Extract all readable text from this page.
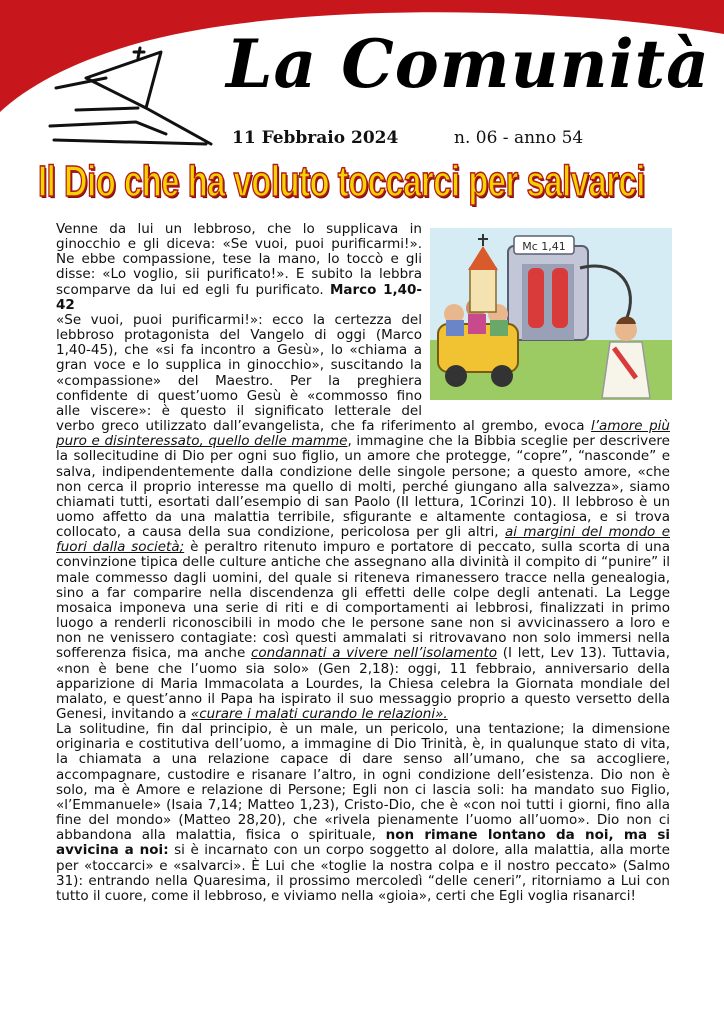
La Comunità
11 Febbraio 2024	n. 06 - anno 54
Il Dio che ha voluto toccarci per salvarci
Mc 1,41

Venne da lui un lebbroso, che lo supplicava in ginocchio e gli diceva: «Se vuoi, puoi purificarmi!». Ne ebbe compassione, tese la mano, lo toccò e gli disse: «Lo voglio, sii purificato!». E subito la lebbra scomparve da lui ed egli fu purificato. Marco 1,40-42

«Se vuoi, puoi purificarmi!»: ecco la certezza del lebbroso protagonista del Vangelo di oggi (Marco 1,40-45), che «si fa incontro a Gesù», lo «chiama a gran voce e lo supplica in ginocchio», suscitando la «compassione» del Maestro. Per la preghiera confidente di quest’uomo Gesù è «commosso fino alle viscere»: è questo il significato letterale del verbo greco utilizzato dall’evangelista, che fa riferimento al grembo, evoca l’amore più puro e disinteressato, quello delle mamme, immagine che la Bibbia sceglie per descrivere la sollecitudine di Dio per ogni suo figlio, un amore che protegge, “copre”, “nasconde” e salva, indipendentemente dalla condizione delle singole persone; a questo amore, «che non cerca il proprio interesse ma quello di molti, perché giungano alla salvezza», siamo chiamati tutti, esortati dall’esempio di san Paolo (II lettura, 1Corinzi 10). Il lebbroso è un uomo affetto da una malattia terribile, sfigurante e altamente contagiosa, e si trova collocato, a causa della sua condizione, pericolosa per gli altri, ai margini del mondo e fuori dalla società; è peraltro ritenuto impuro e portatore di peccato, sulla scorta di una convinzione tipica delle culture antiche che assegnano alla divinità il compito di “punire” il male commesso dagli uomini, del quale si riteneva rimanessero tracce nella genealogia, sino a far comparire nella discendenza gli effetti delle colpe degli antenati. La Legge mosaica imponeva una serie di riti e di comportamenti ai lebbrosi, finalizzati in primo luogo a renderli riconoscibili in modo che le persone sane non si avvicinassero a loro e non ne venissero contagiate: così questi ammalati si ritrovavano non solo immersi nella sofferenza fisica, ma anche condannati a vivere nell’isolamento (I lett, Lev 13). Tuttavia, «non è bene che l’uomo sia solo» (Gen 2,18): oggi, 11 febbraio, anniversario della apparizione di Maria Immacolata a Lourdes, la Chiesa celebra la Giornata mondiale del malato, e quest’anno il Papa ha ispirato il suo messaggio proprio a questo versetto della Genesi, invitando a «curare i malati curando le relazioni».

La solitudine, fin dal principio, è un male, un pericolo, una tentazione; la dimensione originaria e costitutiva dell’uomo, a immagine di Dio Trinità, è, in qualunque stato di vita, la chiamata a una relazione capace di dare senso all’umano, che sa accogliere, accompagnare, custodire e risanare l’altro, in ogni condizione dell’esistenza. Dio non è solo, ma è Amore e relazione di Persone; Egli non ci lascia soli: ha mandato suo Figlio, «l’Emmanuele» (Isaia 7,14; Matteo 1,23), Cristo-Dio, che è «con noi tutti i giorni, fino alla fine del mondo» (Matteo 28,20), che «rivela pienamente l’uomo all’uomo». Dio non ci abbandona alla malattia, fisica o spirituale, non rimane lontano da noi, ma si avvicina a noi: si è incarnato con un corpo soggetto al dolore, alla malattia, alla morte per «toccarci» e «salvarci». È Lui che «toglie la nostra colpa e il nostro peccato» (Salmo 31): entrando nella Quaresima, il prossimo mercoledì “delle ceneri”, ritorniamo a Lui con tutto il cuore, come il lebbroso, e viviamo nella «gioia», certi che Egli voglia risanarci!
